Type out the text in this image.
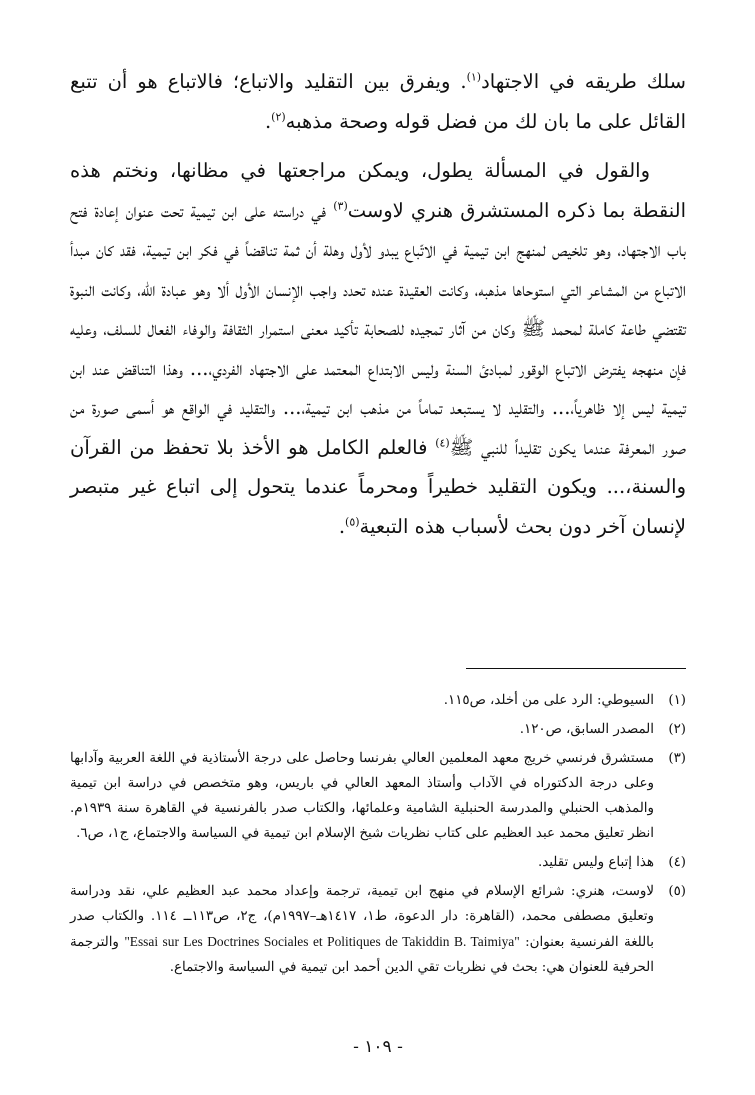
سلك طريقه في الاجتهاد$^{(١)}$. ويفرق بين التقليد والاتباع؛ فالاتباع هو أن تتبع القائل على ما بان لك من فضل قوله وصحة مذهبه$^{(٢)}$.

والقول في المسألة يطول، ويمكن مراجعتها في مظانها، ونختم هذه النقطة بما ذكره المستشرق هنري لاوست$^{(٣)}$ في دراسته على ابن تيمية تحت عنوان إعادة فتح باب الاجتهاد، وهو تلخيص لمنهج ابن تيمية في الاتّباع يبدو لأول وهلة أن ثمة تناقضاً في فكر ابن تيمية، فقد كان مبدأ الاتباع من المشاعر التي استوحاها مذهبه، وكانت العقيدة عنده تحدد واجب الإنسان الأول ألا وهو عبادة الله، وكانت النبوة تقتضي طاعة كاملة لمحمد ﷺ وكان من آثار تمجيده للصحابة تأكيد معنى استمرار الثقافة والوفاء الفعال للسلف، وعليه فإن منهجه يفترض الاتباع الوقور لمبادئ السنة وليس الابتداع المعتمد على الاجتهاد الفردي،... وهذا التناقض عند ابن تيمية ليس إلا ظاهرياً،... والتقليد لا يستبعد تماماً من مذهب ابن تيمية،... والتقليد في الواقع هو أسمى صورة من صور المعرفة عندما يكون تقليداً للنبي ﷺ$^{(٤)}$ فالعلم الكامل هو الأخذ بلا تحفظ من القرآن والسنة،... ويكون التقليد خطيراً ومحرماً عندما يتحول إلى اتباع غير متبصر لإنسان آخر دون بحث لأسباب هذه التبعية$^{(٥)}$.

(١)
السيوطي: الرد على من أخلد، ص١١٥.
(٢)
المصدر السابق، ص١٢٠.
(٣)
مستشرق فرنسي خريج معهد المعلمين العالي بفرنسا وحاصل على درجة الأستاذية في اللغة العربية وآدابها وعلى درجة الدكتوراه في الآداب وأستاذ المعهد العالي في باريس، وهو متخصص في دراسة ابن تيمية والمذهب الحنبلي والمدرسة الحنبلية الشامية وعلمائها، والكتاب صدر بالفرنسية في القاهرة سنة ١٩٣٩م. انظر تعليق محمد عبد العظيم على كتاب نظريات شيخ الإسلام ابن تيمية في السياسة والاجتماع، ج١، ص٦.
(٤)
هذا إتباع وليس تقليد.
(٥)
لاوست، هنري: شرائع الإسلام في منهج ابن تيمية، ترجمة وإعداد محمد عبد العظيم علي، نقد ودراسة وتعليق مصطفى محمد، (القاهرة: دار الدعوة، ط١، ١٤١٧هـ–١٩٩٧م)، ج٢، ص١١٣ــ ١١٤. والكتاب صدر باللغة الفرنسية بعنوان: "Essai sur Les Doctrines Sociales et Politiques de Takiddin B. Taimiya" والترجمة الحرفية للعنوان هي: بحث في نظريات تقي الدين أحمد ابن تيمية في السياسة والاجتماع.
- ١٠٩ -
